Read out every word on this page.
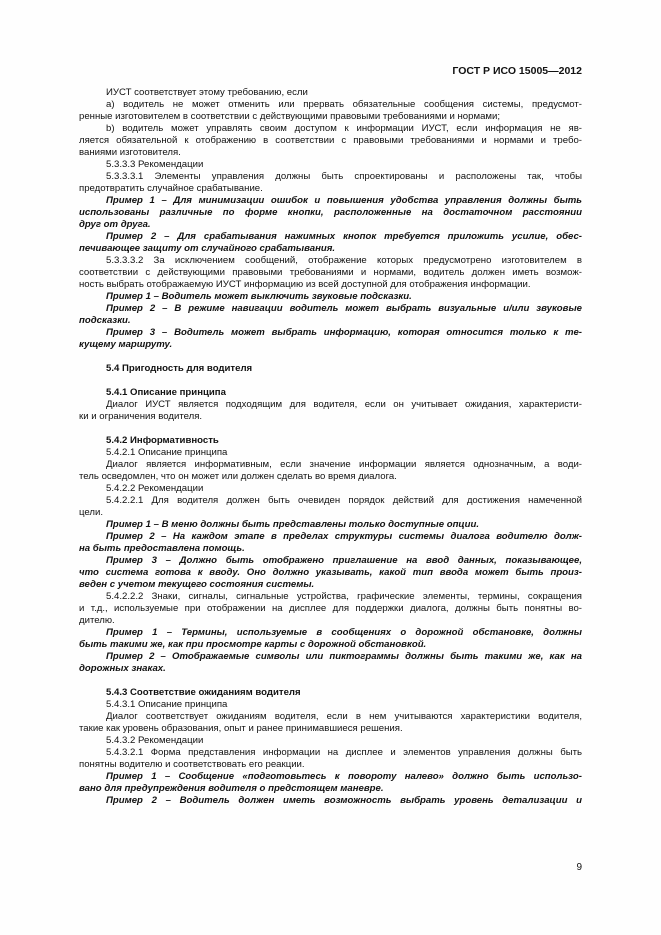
ГОСТ Р ИСО 15005—2012
ИУСТ соответствует этому требованию, если
a) водитель не может отменить или прервать обязательные сообщения системы, предусмот-
ренные изготовителем в соответствии с действующими правовыми требованиями и нормами;
b) водитель может управлять своим доступом к информации ИУСТ, если информация не яв-
ляется обязательной к отображению в соответствии с правовыми требованиями и нормами и требо-
ваниями изготовителя.
5.3.3.3 Рекомендации
5.3.3.3.1 Элементы управления должны быть спроектированы и расположены так, чтобы
предотвратить случайное срабатывание.
Пример 1 – Для минимизации ошибок и повышения удобства управления должны быть
использованы различные по форме кнопки, расположенные на достаточном расстоянии
друг от друга.
Пример 2 – Для срабатывания нажимных кнопок требуется приложить усилие, обес-
печивающее защиту от случайного срабатывания.
5.3.3.3.2 За исключением сообщений, отображение которых предусмотрено изготовителем в
соответствии с действующими правовыми требованиями и нормами, водитель должен иметь возмож-
ность выбрать отображаемую ИУСТ информацию из всей доступной для отображения информации.
Пример 1 – Водитель может выключить звуковые подсказки.
Пример 2 – В режиме навигации водитель может выбрать визуальные и/или звуковые
подсказки.
Пример 3 – Водитель может выбрать информацию, которая относится только к те-
кущему маршруту.
5.4 Пригодность для водителя
5.4.1 Описание принципа
Диалог ИУСТ является подходящим для водителя, если он учитывает ожидания, характеристи-
ки и ограничения водителя.
5.4.2 Информативность
5.4.2.1 Описание принципа
Диалог является информативным, если значение информации является однозначным, а води-
тель осведомлен, что он может или должен сделать во время диалога.
5.4.2.2 Рекомендации
5.4.2.2.1 Для водителя должен быть очевиден порядок действий для достижения намеченной
цели.
Пример 1 – В меню должны быть представлены только доступные опции.
Пример 2 – На каждом этапе в пределах структуры системы диалога водителю долж-
на быть предоставлена помощь.
Пример 3 – Должно быть отображено приглашение на ввод данных, показывающее,
что система готова к вводу. Оно должно указывать, какой тип ввода может быть произ-
веден с учетом текущего состояния системы.
5.4.2.2.2 Знаки, сигналы, сигнальные устройства, графические элементы, термины, сокращения
и т.д., используемые при отображении на дисплее для поддержки диалога, должны быть понятны во-
дителю.
Пример 1 – Термины, используемые в сообщениях о дорожной обстановке, должны
быть такими же, как при просмотре карты с дорожной обстановкой.
Пример 2 – Отображаемые символы или пиктограммы должны быть такими же, как на
дорожных знаках.
5.4.3 Соответствие ожиданиям водителя
5.4.3.1 Описание принципа
Диалог соответствует ожиданиям водителя, если в нем учитываются характеристики водителя,
такие как уровень образования, опыт и ранее принимавшиеся решения.
5.4.3.2 Рекомендации
5.4.3.2.1 Форма представления информации на дисплее и элементов управления должны быть
понятны водителю и соответствовать его реакции.
Пример 1 – Сообщение «подготовьтесь к повороту налево» должно быть использо-
вано для предупреждения водителя о предстоящем маневре.
Пример 2 – Водитель должен иметь возможность выбрать уровень детализации и
9
